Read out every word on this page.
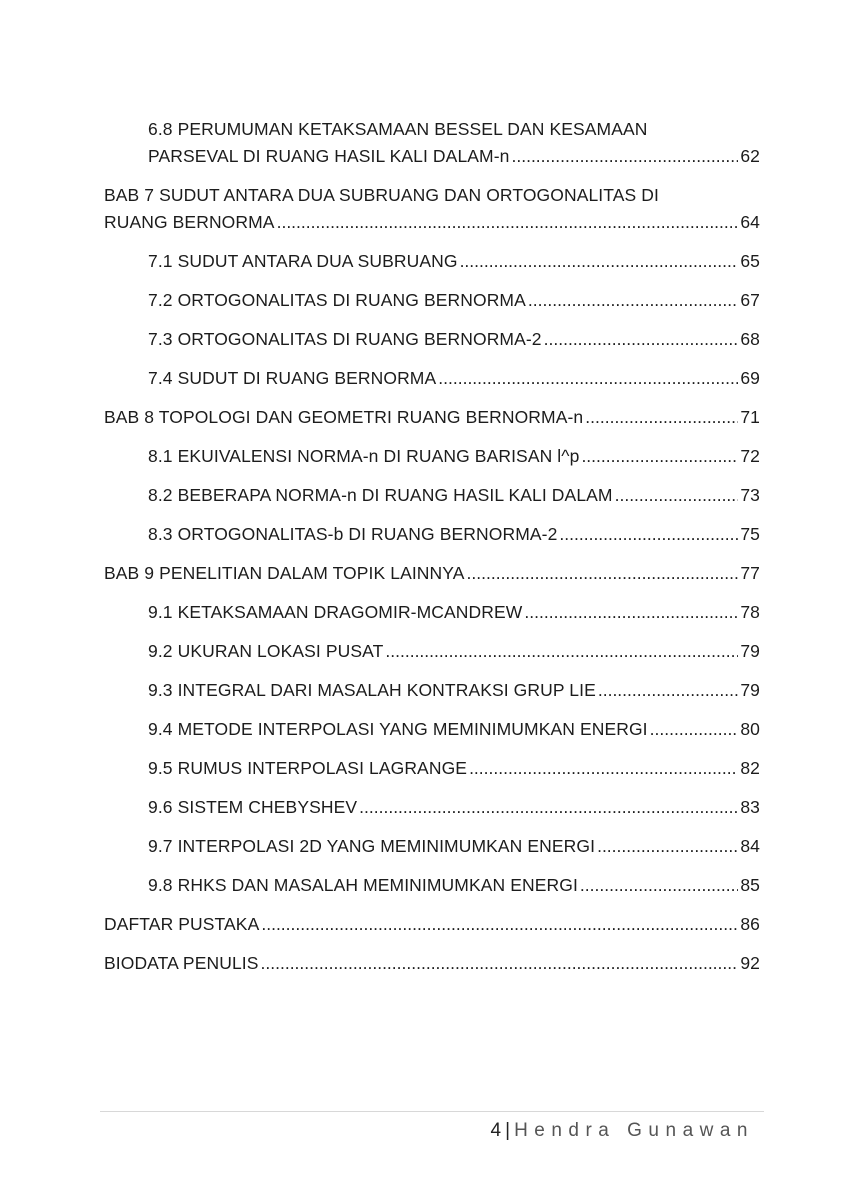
6.8 PERUMUMAN KETAKSAMAAN BESSEL DAN KESAMAAN
PARSEVAL DI RUANG HASIL KALI DALAM-n .....	62
BAB 7 SUDUT ANTARA DUA SUBRUANG DAN ORTOGONALITAS DI
RUANG BERNORMA .....	64
7.1 SUDUT ANTARA DUA SUBRUANG .....	65
7.2 ORTOGONALITAS DI RUANG BERNORMA .....	67
7.3 ORTOGONALITAS DI RUANG BERNORMA-2 .....	68
7.4 SUDUT DI RUANG BERNORMA .....	69
BAB 8 TOPOLOGI DAN GEOMETRI RUANG BERNORMA-n .....	71
8.1 EKUIVALENSI NORMA-n DI RUANG BARISAN l^p .....	72
8.2 BEBERAPA NORMA-n DI RUANG HASIL KALI DALAM .....	73
8.3 ORTOGONALITAS-b DI RUANG BERNORMA-2 .....	75
BAB 9 PENELITIAN DALAM TOPIK LAINNYA .....	77
9.1 KETAKSAMAAN DRAGOMIR-MCANDREW .....	78
9.2 UKURAN LOKASI PUSAT .....	79
9.3 INTEGRAL DARI MASALAH KONTRAKSI GRUP LIE .....	79
9.4 METODE INTERPOLASI YANG MEMINIMUMKAN ENERGI .....	80
9.5 RUMUS INTERPOLASI LAGRANGE .....	82
9.6 SISTEM CHEBYSHEV .....	83
9.7 INTERPOLASI 2D YANG MEMINIMUMKAN ENERGI .....	84
9.8 RHKS DAN MASALAH MEMINIMUMKAN ENERGI .....	85
DAFTAR PUSTAKA .....	86
BIODATA PENULIS .....	92
4 | Hendra Gunawan
